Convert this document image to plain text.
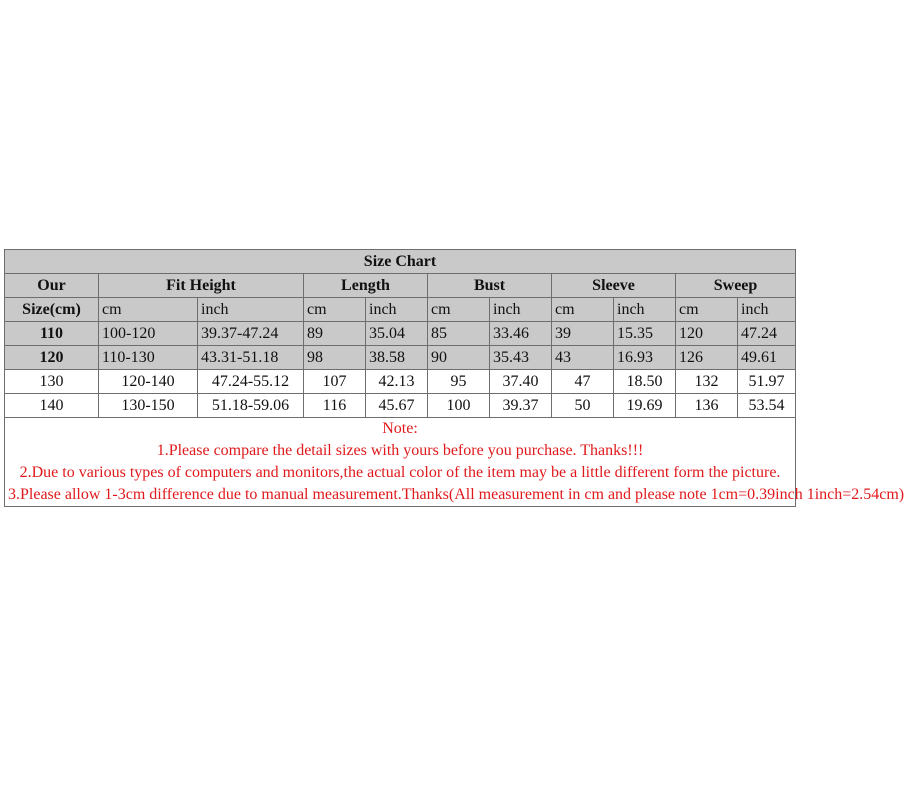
Size Chart										
Our	Fit Height		Length		Bust		Sleeve		Sweep	
Size(cm)	cm	inch	cm	inch	cm	inch	cm	inch	cm	inch
110	100-120	39.37-47.24	89	35.04	85	33.46	39	15.35	120	47.24
120	110-130	43.31-51.18	98	38.58	90	35.43	43	16.93	126	49.61
130	120-140	47.24-55.12	107	42.13	95	37.40	47	18.50	132	51.97
140	130-150	51.18-59.06	116	45.67	100	39.37	50	19.69	136	53.54

Note:
1.Please compare the detail sizes with yours before you purchase. Thanks!!!
2.Due to various types of computers and monitors,the actual color of the item may be a little different form the picture.
3.Please allow 1-3cm difference due to manual measurement.Thanks(All measurement in cm and please note 1cm=0.39inch 1inch=2.54cm)										
